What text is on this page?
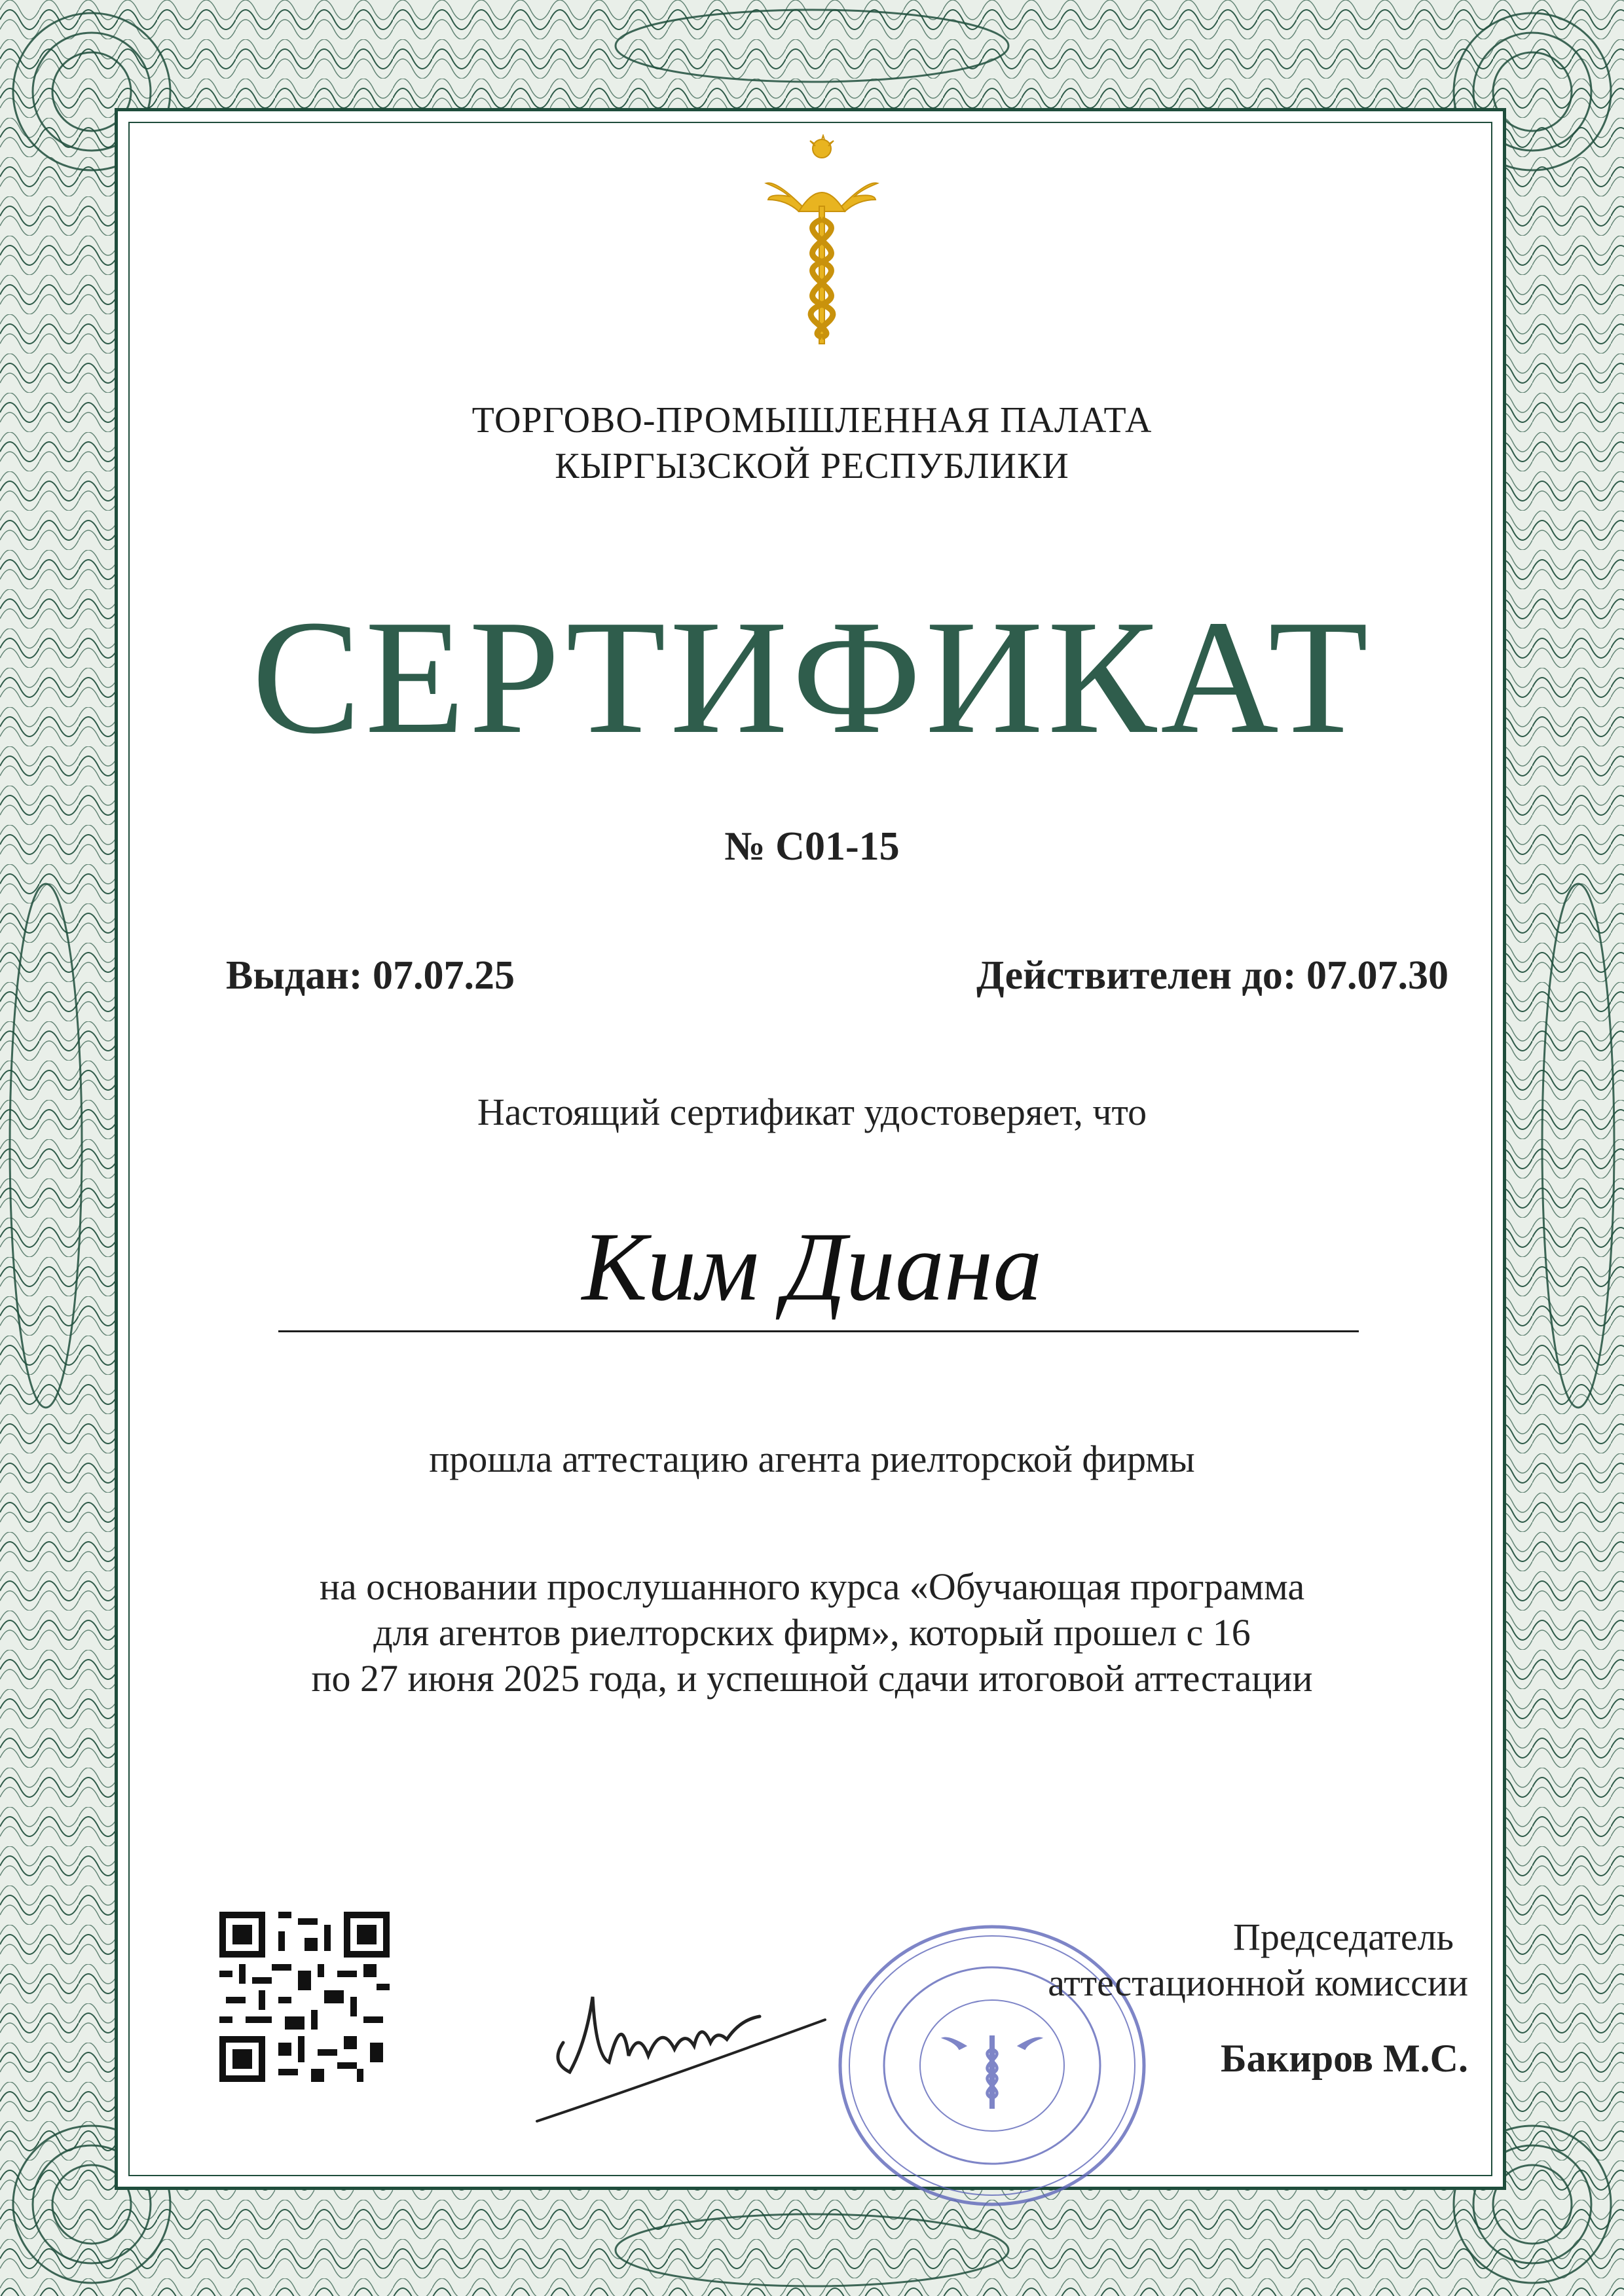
ТОРГОВО-ПРОМЫШЛЕННАЯ ПАЛАТА
КЫРГЫЗСКОЙ РЕСПУБЛИКИ
СЕРТИФИКАТ
№ С01-15
Выдан: 07.07.25	Действителен до: 07.07.30
Настоящий сертификат удостоверяет, что
Ким Диана
прошла аттестацию агента риелторской фирмы
на основании прослушанного курса «Обучающая программа
для агентов риелторских фирм», который прошел с 16
по 27 июня 2025 года, и успешной сдачи итоговой аттестации
Председатель
аттестационной комиссии
Бакиров М.С.
